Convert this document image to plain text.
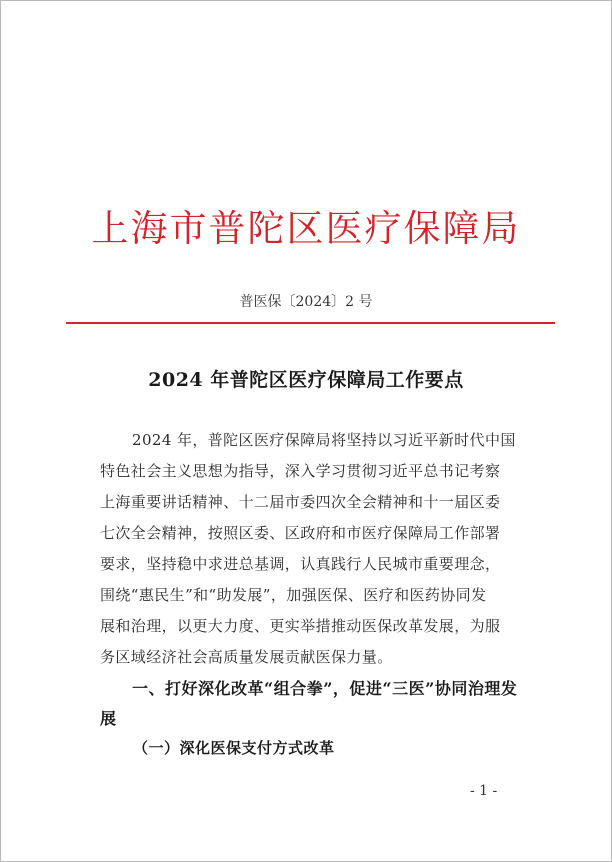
上海市普陀区医疗保障局
普医保〔2024〕2 号
2024 年普陀区医疗保障局工作要点
2024 年，普陀区医疗保障局将坚持以习近平新时代中国
特色社会主义思想为指导，深入学习贯彻习近平总书记考察
上海重要讲话精神、十二届市委四次全会精神和十一届区委
七次全会精神，按照区委、区政府和市医疗保障局工作部署
要求，坚持稳中求进总基调，认真践行人民城市重要理念，
围绕“惠民生”和“助发展”，加强医保、医疗和医药协同发
展和治理，以更大力度、更实举措推动医保改革发展，为服
务区域经济社会高质量发展贡献医保力量。
一、打好深化改革“组合拳”，促进“三医”协同治理发
展
（一）深化医保支付方式改革
- 1 -
